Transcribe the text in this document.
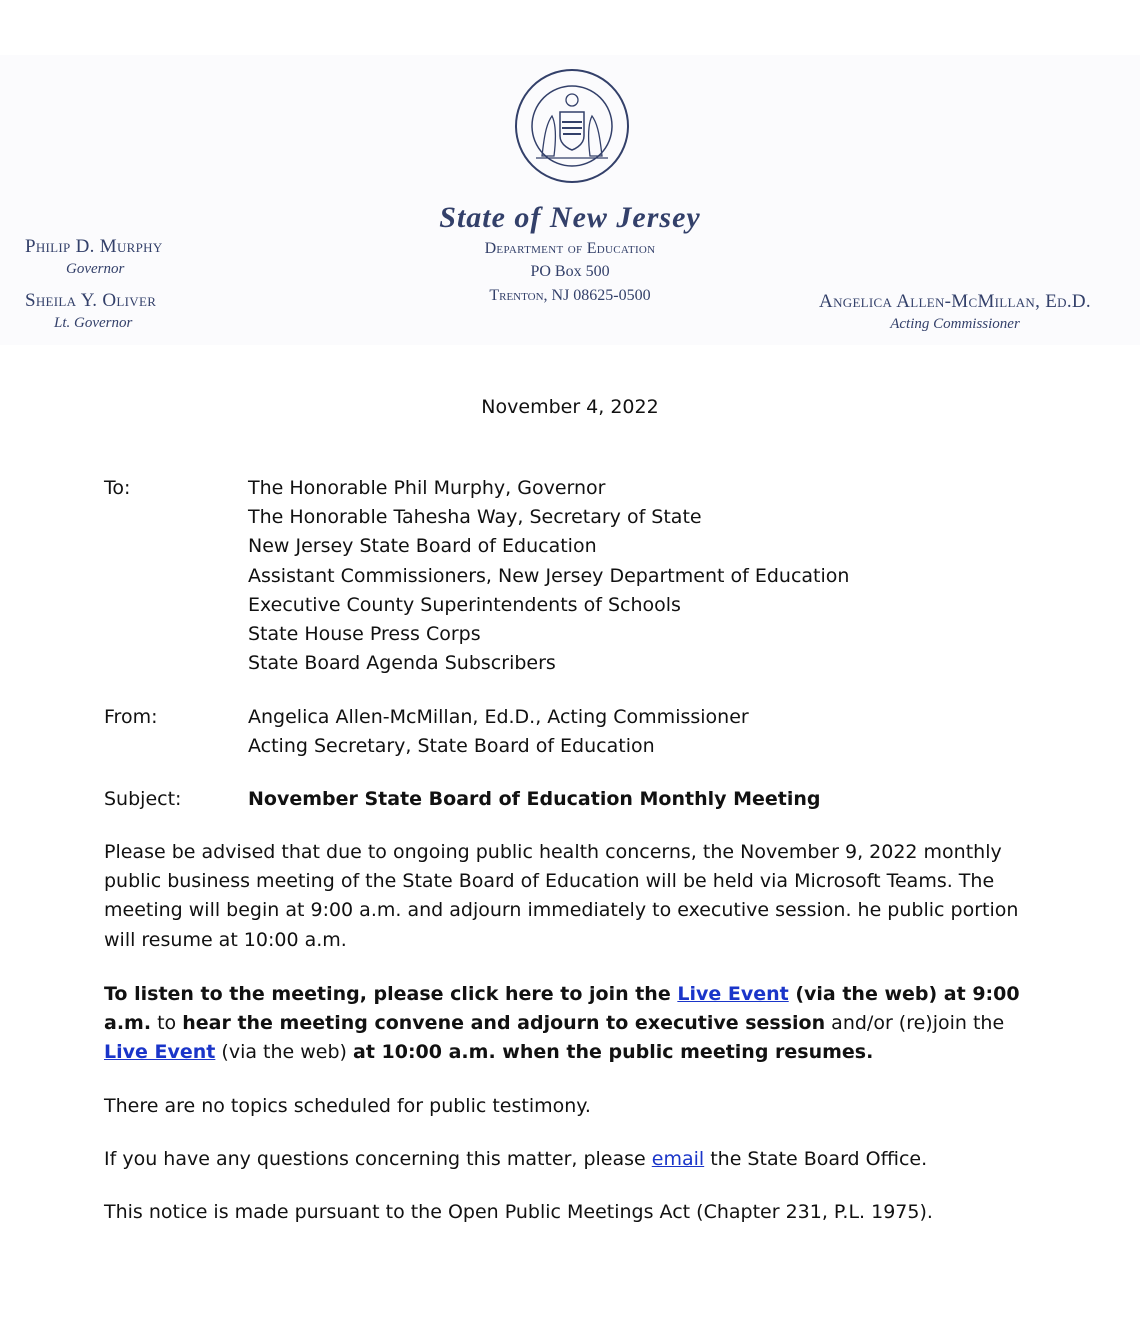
Philip D. Murphy
Governor
Sheila Y. Oliver
Lt. Governor
State of New Jersey
Department of Education
PO Box 500
Trenton, NJ 08625-0500	Angelica Allen-McMillan, Ed.D.
Acting Commissioner
November 4, 2022
To:	The Honorable Phil Murphy, Governor
The Honorable Tahesha Way, Secretary of State
New Jersey State Board of Education
Assistant Commissioners, New Jersey Department of Education
Executive County Superintendents of Schools
State House Press Corps
State Board Agenda Subscribers
From:	Angelica Allen-McMillan, Ed.D., Acting Commissioner
Acting Secretary, State Board of Education
Subject:	November State Board of Education Monthly Meeting
Please be advised that due to ongoing public health concerns, the November 9, 2022 monthly public business meeting of the State Board of Education will be held via Microsoft Teams. The meeting will begin at 9:00 a.m. and adjourn immediately to executive session. he public portion will resume at 10:00 a.m.
To listen to the meeting, please click here to join the Live Event (via the web) at 9:00 a.m. to hear the meeting convene and adjourn to executive session and/or (re)join the Live Event (via the web) at 10:00 a.m. when the public meeting resumes.
There are no topics scheduled for public testimony.
If you have any questions concerning this matter, please email the State Board Office.
This notice is made pursuant to the Open Public Meetings Act (Chapter 231, P.L. 1975).
